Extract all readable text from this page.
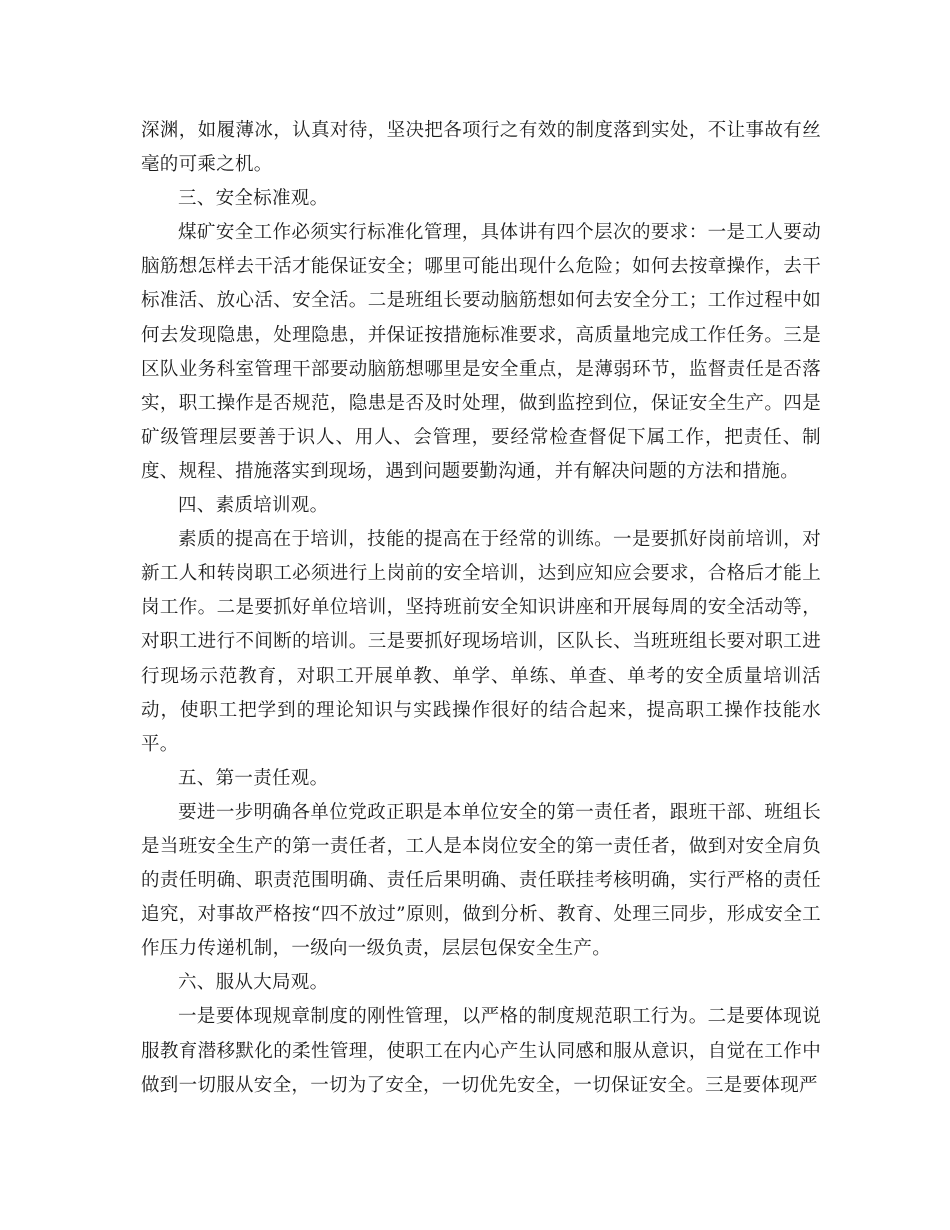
深渊，如履薄冰，认真对待，坚决把各项行之有效的制度落到实处，不让事故有丝毫的可乘之机。

三、安全标准观。

煤矿安全工作必须实行标准化管理，具体讲有四个层次的要求：一是工人要动脑筋想怎样去干活才能保证安全；哪里可能出现什么危险；如何去按章操作，去干标准活、放心活、安全活。二是班组长要动脑筋想如何去安全分工；工作过程中如何去发现隐患，处理隐患，并保证按措施标准要求，高质量地完成工作任务。三是区队业务科室管理干部要动脑筋想哪里是安全重点，是薄弱环节，监督责任是否落实，职工操作是否规范，隐患是否及时处理，做到监控到位，保证安全生产。四是矿级管理层要善于识人、用人、会管理，要经常检查督促下属工作，把责任、制度、规程、措施落实到现场，遇到问题要勤沟通，并有解决问题的方法和措施。

四、素质培训观。

素质的提高在于培训，技能的提高在于经常的训练。一是要抓好岗前培训，对新工人和转岗职工必须进行上岗前的安全培训，达到应知应会要求，合格后才能上岗工作。二是要抓好单位培训，坚持班前安全知识讲座和开展每周的安全活动等，对职工进行不间断的培训。三是要抓好现场培训，区队长、当班班组长要对职工进行现场示范教育，对职工开展单教、单学、单练、单查、单考的安全质量培训活动，使职工把学到的理论知识与实践操作很好的结合起来，提高职工操作技能水平。

五、第一责任观。

要进一步明确各单位党政正职是本单位安全的第一责任者，跟班干部、班组长是当班安全生产的第一责任者，工人是本岗位安全的第一责任者，做到对安全肩负的责任明确、职责范围明确、责任后果明确、责任联挂考核明确，实行严格的责任追究，对事故严格按“四不放过”原则，做到分析、教育、处理三同步，形成安全工作压力传递机制，一级向一级负责，层层包保安全生产。

六、服从大局观。

一是要体现规章制度的刚性管理，以严格的制度规范职工行为。二是要体现说服教育潜移默化的柔性管理，使职工在内心产生认同感和服从意识，自觉在工作中做到一切服从安全，一切为了安全，一切优先安全，一切保证安全。三是要体现严
